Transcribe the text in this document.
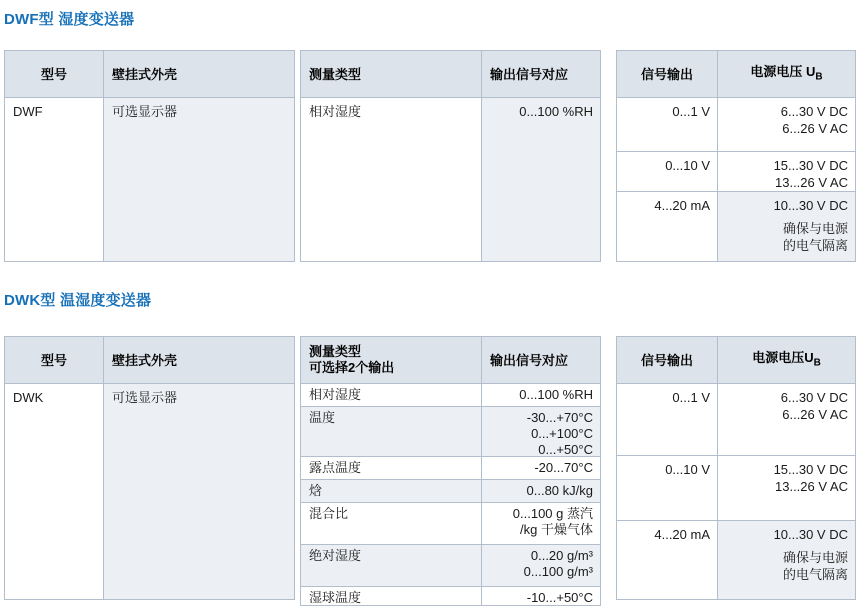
DWF型 湿度变送器
型号	壁挂式外壳
DWF	可选显示器
测量类型	输出信号对应
相对湿度	0...100 %RH
信号输出	电源电压 $U_B$
0...1 V	6...30 V DC
6...26 V AC
0...10 V	15...30 V DC
13...26 V AC
4...20 mA	10...30 V DC
确保与电源
的电气隔离
DWK型 温湿度变送器
型号	壁挂式外壳
DWK	可选显示器
测量类型
可选择2个输出	输出信号对应
相对湿度	0...100 %RH
温度	-30...+70°C
0...+100°C
0...+50°C
露点温度	-20...70°C
焓	0...80 kJ/kg
混合比	0...100 g 蒸汽
/kg 干燥气体
绝对湿度	0...20 g/m³
0...100 g/m³
湿球温度	-10...+50°C
信号输出	电源电压$U_B$
0...1 V	6...30 V DC
6...26 V AC
0...10 V	15...30 V DC
13...26 V AC
4...20 mA	10...30 V DC
确保与电源
的电气隔离
